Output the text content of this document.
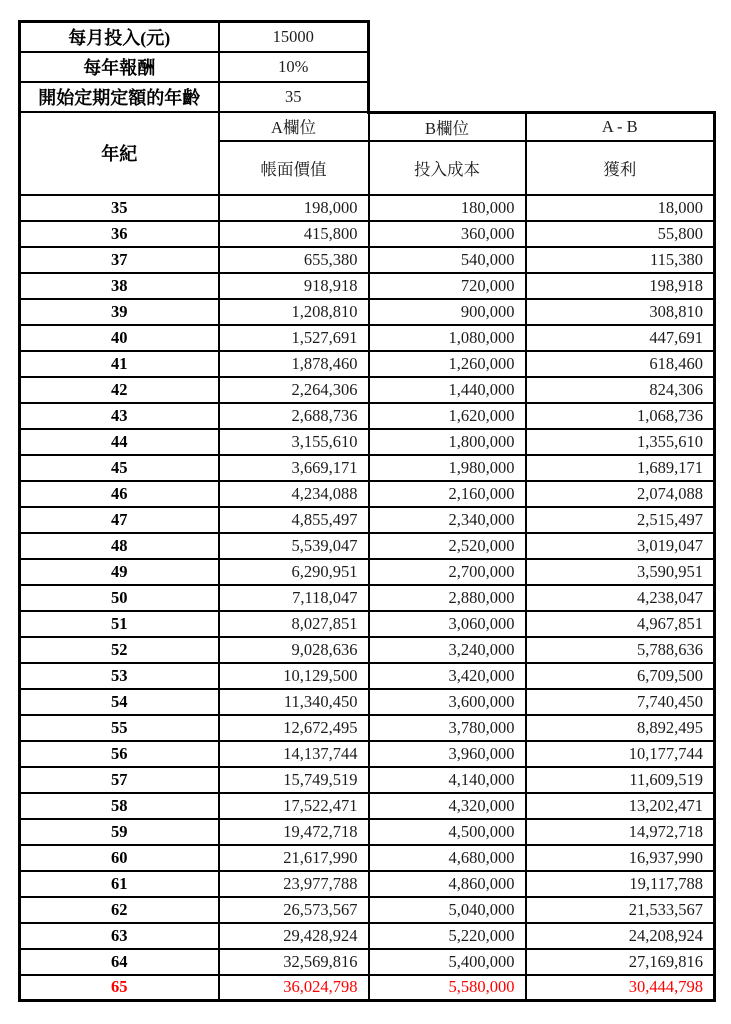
每月投入(元)	15000		
每年報酬	10%		
開始定期定額的年齡	35		
年紀	A欄位	B欄位	A - B
	帳面價值	投入成本	獲利
35	198,000	180,000	18,000
36	415,800	360,000	55,800
37	655,380	540,000	115,380
38	918,918	720,000	198,918
39	1,208,810	900,000	308,810
40	1,527,691	1,080,000	447,691
41	1,878,460	1,260,000	618,460
42	2,264,306	1,440,000	824,306
43	2,688,736	1,620,000	1,068,736
44	3,155,610	1,800,000	1,355,610
45	3,669,171	1,980,000	1,689,171
46	4,234,088	2,160,000	2,074,088
47	4,855,497	2,340,000	2,515,497
48	5,539,047	2,520,000	3,019,047
49	6,290,951	2,700,000	3,590,951
50	7,118,047	2,880,000	4,238,047
51	8,027,851	3,060,000	4,967,851
52	9,028,636	3,240,000	5,788,636
53	10,129,500	3,420,000	6,709,500
54	11,340,450	3,600,000	7,740,450
55	12,672,495	3,780,000	8,892,495
56	14,137,744	3,960,000	10,177,744
57	15,749,519	4,140,000	11,609,519
58	17,522,471	4,320,000	13,202,471
59	19,472,718	4,500,000	14,972,718
60	21,617,990	4,680,000	16,937,990
61	23,977,788	4,860,000	19,117,788
62	26,573,567	5,040,000	21,533,567
63	29,428,924	5,220,000	24,208,924
64	32,569,816	5,400,000	27,169,816
65	36,024,798	5,580,000	30,444,798
